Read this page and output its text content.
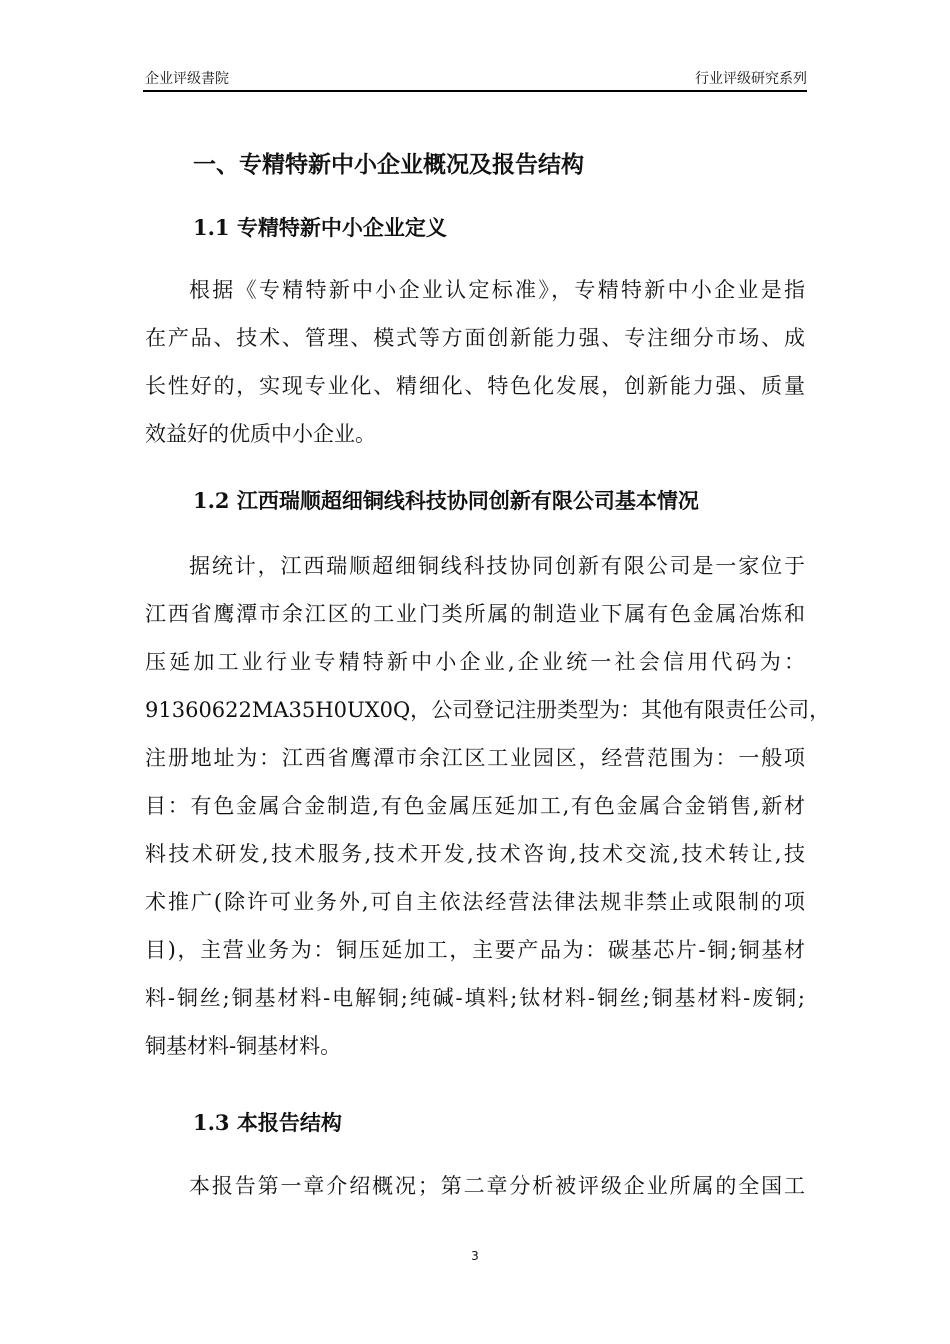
企业评级書院	行业评级研究系列
一、专精特新中小企业概况及报告结构
1.1 专精特新中小企业定义
根据《专精特新中小企业认定标准》，专精特新中小企业是指
在产品、技术、管理、模式等方面创新能力强、专注细分市场、成
长性好的，实现专业化、精细化、特色化发展，创新能力强、质量
效益好的优质中小企业。
1.2 江西瑞顺超细铜线科技协同创新有限公司基本情况
据统计，江西瑞顺超细铜线科技协同创新有限公司是一家位于
江西省鹰潭市余江区的工业门类所属的制造业下属有色金属冶炼和
压延加工业行业专精特新中小企业,企业统一社会信用代码为：
91360622MA35H0UX0Q，公司登记注册类型为：其他有限责任公司，
注册地址为：江西省鹰潭市余江区工业园区，经营范围为：一般项
目：有色金属合金制造,有色金属压延加工,有色金属合金销售,新材
料技术研发,技术服务,技术开发,技术咨询,技术交流,技术转让,技
术推广(除许可业务外,可自主依法经营法律法规非禁止或限制的项
目)，主营业务为：铜压延加工，主要产品为：碳基芯片-铜;铜基材
料-铜丝;铜基材料-电解铜;纯碱-填料;钛材料-铜丝;铜基材料-废铜;
铜基材料-铜基材料。
1.3 本报告结构
本报告第一章介绍概况；第二章分析被评级企业所属的全国工
3
